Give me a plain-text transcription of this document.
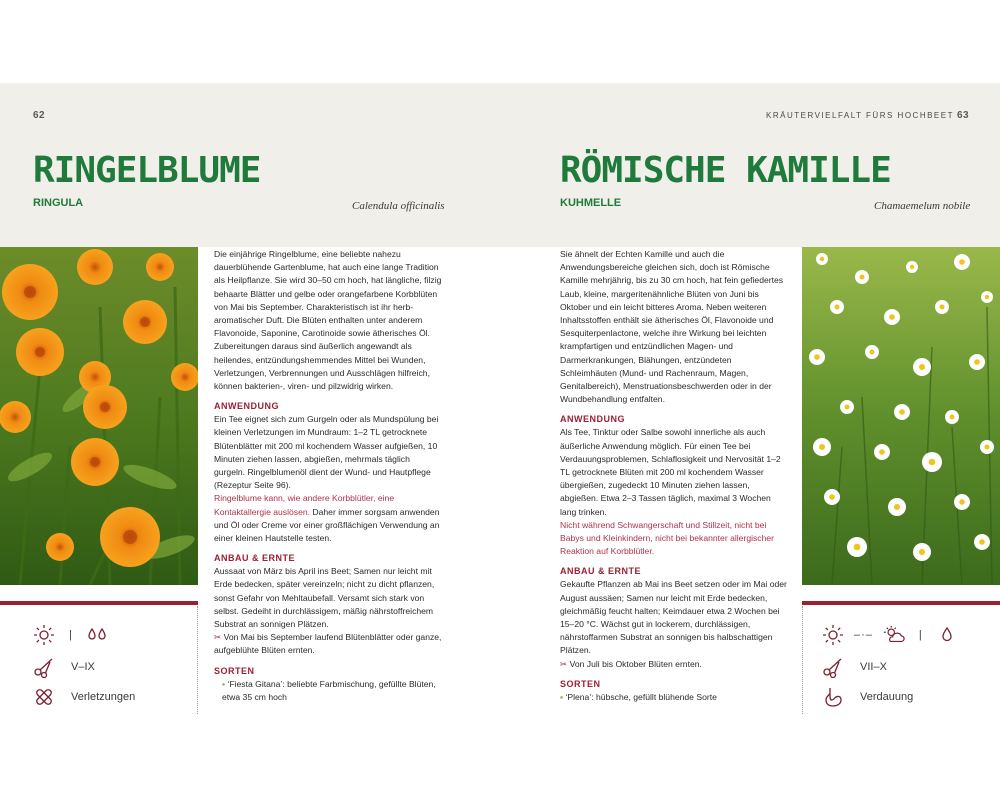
62
RINGELBLUME
RINGULA	Calendula officinalis
KRÄUTERVIELFALT FÜRS HOCHBEET 63
RÖMISCHE KAMILLE
KUHMELLE	Chamaemelum nobile

Die einjährige Ringelblume, eine beliebte nahezu dauerblühende Gartenblume, hat auch eine lange Tradition als Heilpflanze. Sie wird 30–50 cm hoch, hat längliche, filzig behaarte Blätter und gelbe oder orangefarbene Korbblüten von Mai bis September. Charakteristisch ist ihr herb-aromatischer Duft. Die Blüten enthalten unter anderem Flavonoide, Saponine, Carotinoide sowie ätherisches Öl. Zubereitungen daraus sind äußerlich angewandt als heilendes, entzündungshemmendes Mittel bei Wunden, Verletzungen, Verbrennungen und Ausschlägen hilfreich, können bakterien-, viren- und pilzwidrig wirken.

ANWENDUNG

Ein Tee eignet sich zum Gurgeln oder als Mundspülung bei kleinen Verletzungen im Mundraum: 1–2 TL getrocknete Blütenblätter mit 200 ml kochendem Wasser aufgießen, 10 Minuten ziehen lassen, abgießen, mehrmals täglich gurgeln. Ringelblumenöl dient der Wund- und Hautpflege (Rezeptur Seite 96).
Ringelblume kann, wie andere Korbblütler, eine Kontaktallergie auslösen. Daher immer sorgsam anwenden und Öl oder Creme vor einer großflächigen Verwendung an einer kleinen Hautstelle testen.

ANBAU & ERNTE

Aussaat von März bis April ins Beet; Samen nur leicht mit Erde bedecken, später vereinzeln; nicht zu dicht pflanzen, sonst Gefahr von Mehltaubefall. Versamt sich stark von selbst. Gedeiht in durchlässigem, mäßig nährstoffreichem Substrat an sonnigen Plätzen.
✂ Von Mai bis September laufend Blütenblätter oder ganze, aufgeblühte Blüten ernten.

SORTEN

▪ ‘Fiesta Gitana’: beliebte Farbmischung, gefüllte Blüten, etwa 35 cm hoch

Sie ähnelt der Echten Kamille und auch die Anwendungsbereiche gleichen sich, doch ist Römische Kamille mehrjährig, bis zu 30 cm hoch, hat fein gefiedertes Laub, kleine, margeritenähnliche Blüten von Juni bis Oktober und ein leicht bitteres Aroma. Neben weiteren Inhaltsstoffen enthält sie ätherisches Öl, Flavonoide und Sesquiterpenlactone, welche ihre Wirkung bei leichten krampfartigen und entzündlichen Magen- und Darmerkrankungen, Blähungen, entzündeten Schleimhäuten (Mund- und Rachenraum, Magen, Genitalbereich), Menstruationsbeschwerden oder in der Wundbehandlung entfalten.

ANWENDUNG

Als Tee, Tinktur oder Salbe sowohl innerliche als auch äußerliche Anwendung möglich. Für einen Tee bei Verdauungsproblemen, Schlaflosigkeit und Nervosität 1–2 TL getrocknete Blüten mit 200 ml kochendem Wasser übergießen, zugedeckt 10 Minuten ziehen lassen, abgießen. Etwa 2–3 Tassen täglich, maximal 3 Wochen lang trinken.
Nicht während Schwangerschaft und Stillzeit, nicht bei Babys und Kleinkindern, nicht bei bekannter allergischer Reaktion auf Korbblütler.

ANBAU & ERNTE

Gekaufte Pflanzen ab Mai ins Beet setzen oder im Mai oder August aussäen; Samen nur leicht mit Erde bedecken, gleichmäßig feucht halten; Keimdauer etwa 2 Wochen bei 15–20 °C. Wächst gut in lockerem, durchlässigen, nährstoffarmen Substrat an sonnigen bis halbschattigen Plätzen.
✂ Von Juli bis Oktober Blüten ernten.

SORTEN

▪ ‘Plena’: hübsche, gefüllt blühende Sorte

|
V–IX
Verletzungen
–·–	|
VII–X
Verdauung
